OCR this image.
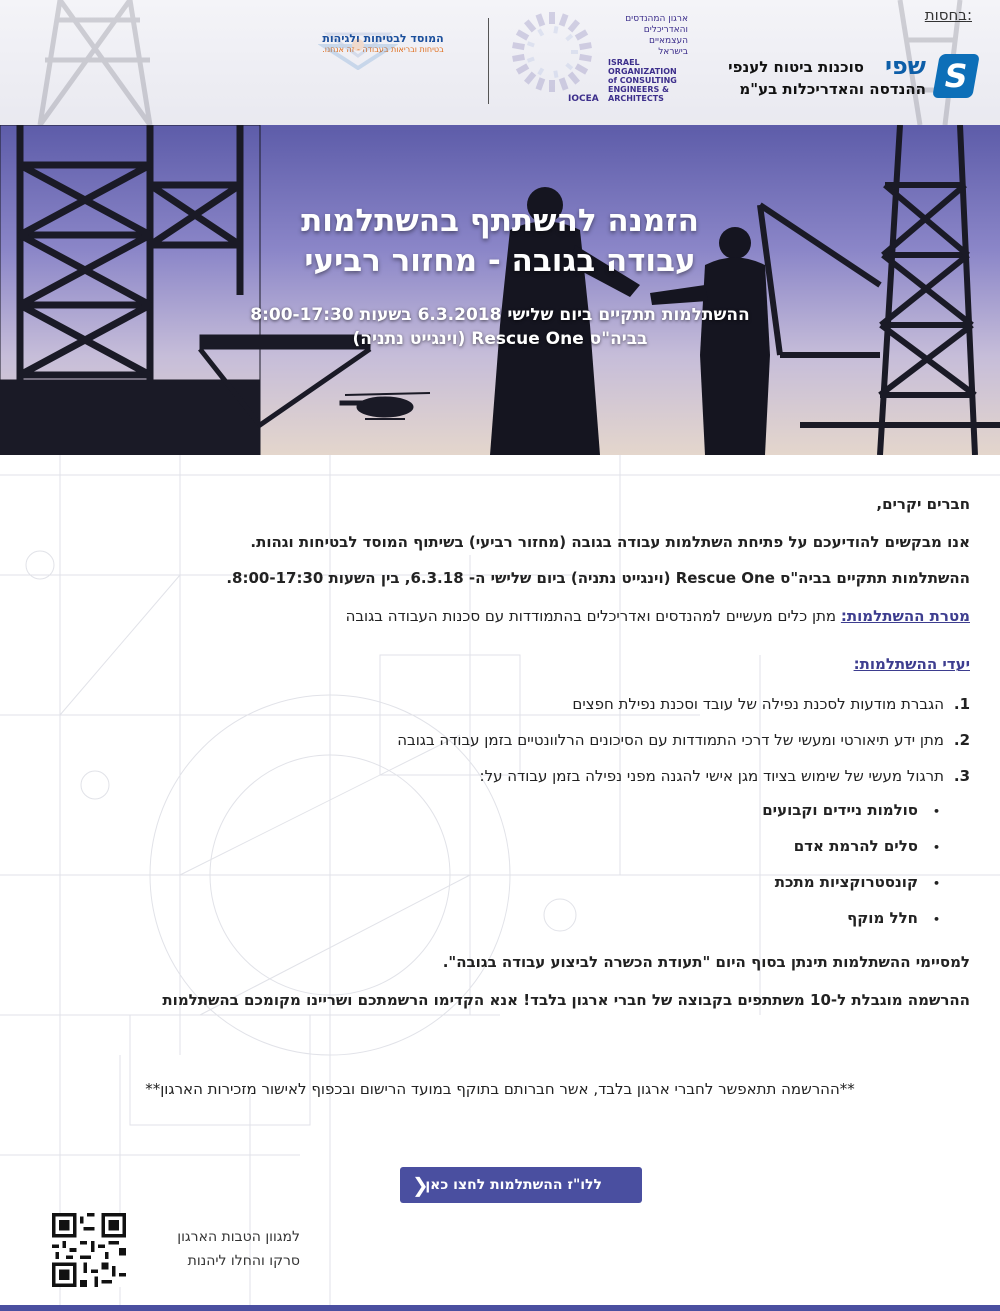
בחסות:
S
שפי
סוכנות ביטוח לענפי
ההנדסה והאדריכלות בע"מ
IOCEA
ארגון המהנדסים
והאדריכלים
העצמאיים
בישראל
ISRAEL
ORGANIZATION
of CONSULTING
ENGINEERS & ARCHITECTS
המוסד לבטיחות ולגיהות
בטיחות ובריאות בעבודה - זה אנחנו.
הזמנה להשתתף בהשתלמות
עבודה בגובה - מחזור רביעי
ההשתלמות תתקיים ביום שלישי 6.3.2018 בשעות 8:00-17:30
בביה"ס Rescue One (וינגייט נתניה)
חברים יקרים,
אנו מבקשים להודיעכם על פתיחת השתלמות עבודה בגובה (מחזור רביעי) בשיתוף המוסד לבטיחות וגהות.
ההשתלמות תתקיים בביה"ס Rescue One (וינגייט נתניה) ביום שלישי ה- 6.3.18, בין השעות 8:00-17:30.
מטרת ההשתלמות: מתן כלים מעשיים למהנדסים ואדריכלים בהתמודדות עם סכנות העבודה בגובה
יעדי ההשתלמות:
1.הגברת מודעות לסכנת נפילה של עובד וסכנת נפילת חפצים
2.מתן ידע תיאורטי ומעשי של דרכי התמודדות עם הסיכונים הרלוונטיים בזמן עבודה בגובה
3.תרגול מעשי של שימוש בציוד מגן אישי להגנה מפני נפילה בזמן עבודה על:
•סולמות ניידים וקבועים
•סלים להרמת אדם
•קונסטרוקציות מתכת
•חלל מוקף
למסיימי ההשתלמות תינתן בסוף היום "תעודת הכשרה לביצוע עבודה בגובה".
ההרשמה מוגבלת ל-10 משתתפים בקבוצה של חברי ארגון בלבד! אנא הקדימו הרשמתכם ושריינו מקומכם בהשתלמות
**ההרשמה תתאפשר לחברי ארגון בלבד, אשר חברותם בתוקף במועד הרישום ובכפוף לאישור מזכירות הארגון**
ללו"ז ההשתלמות לחצו כאן
❮
למגוון הטבות הארגון
סרקו והחלו ליהנות
